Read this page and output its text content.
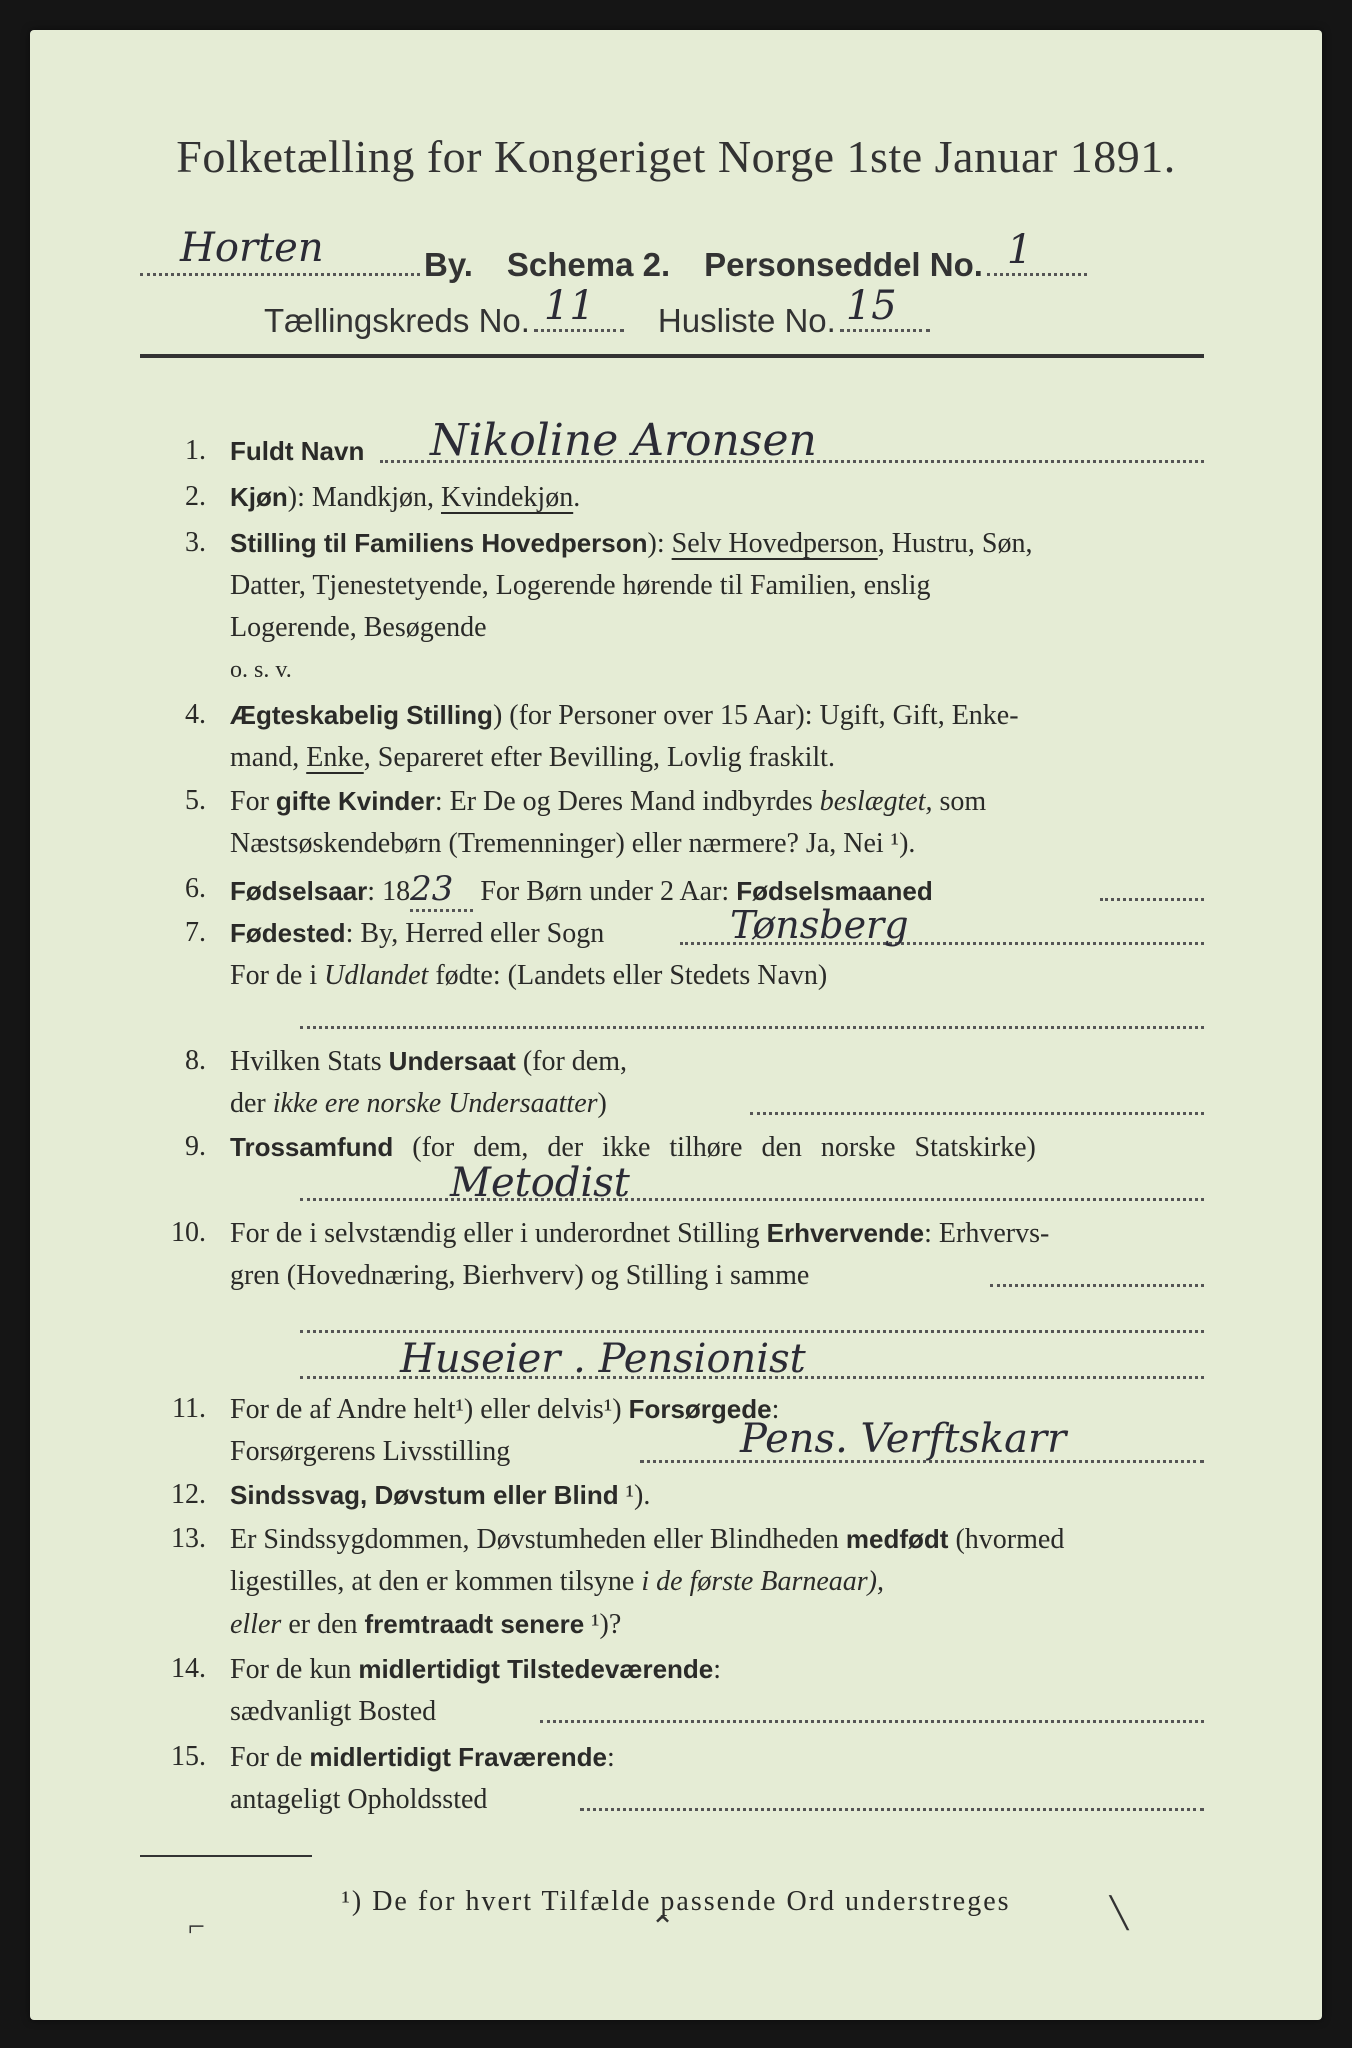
Folketælling for Kongeriget Norge 1ste Januar 1891.
Horten	By. Schema 2. Personseddel No. 1
Tællingskreds No. 11 Husliste No. 15
1. Fuldt Navn	Nikoline Aronsen
2. Kjøn): Mandkjøn, Kvindekjøn.
3. Stilling til Familiens Hovedperson): Selv Hovedperson, Hustru, Søn,
Datter, Tjenestetyende, Logerende hørende til Familien, enslig
Logerende, Besøgende
o. s. v.
4. Ægteskabelig Stilling) (for Personer over 15 Aar): Ugift, Gift, Enke-
mand, Enke, Separeret efter Bevilling, Lovlig fraskilt.
5. For gifte Kvinder: Er De og Deres Mand indbyrdes beslægtet, som
Næstsøskendebørn (Tremenninger) eller nærmere? Ja, Nei ¹).
6. Fødselsaar: 1823 For Børn under 2 Aar: Fødselsmaaned
7. Fødested: By, Herred eller Sogn
For de i Udlandet fødte: (Landets eller Stedets Navn)
Tønsberg
8. Hvilken Stats Undersaat (for dem,
der ikke ere norske Undersaatter)
9. Trossamfund (for dem, der ikke tilhøre den norske Statskirke)
Metodist
10. For de i selvstændig eller i underordnet Stilling Erhvervende: Erhvervs-
gren (Hovednæring, Bierhverv) og Stilling i samme
Huseier . Pensionist
11. For de af Andre helt¹) eller delvis¹) Forsørgede:
Forsørgerens Livsstilling	Pens. Verftskarr
12. Sindssvag, Døvstum eller Blind ¹).
13. Er Sindssygdommen, Døvstumheden eller Blindheden medfødt (hvormed
ligestilles, at den er kommen tilsyne i de første Barneaar),
eller er den fremtraadt senere ¹)?
14. For de kun midlertidigt Tilstedeværende:
sædvanligt Bosted
15. For de midlertidigt Fraværende:
antageligt Opholdssted
¹) De for hvert Tilfælde passende Ord understreges
⌐	⌃	╲
